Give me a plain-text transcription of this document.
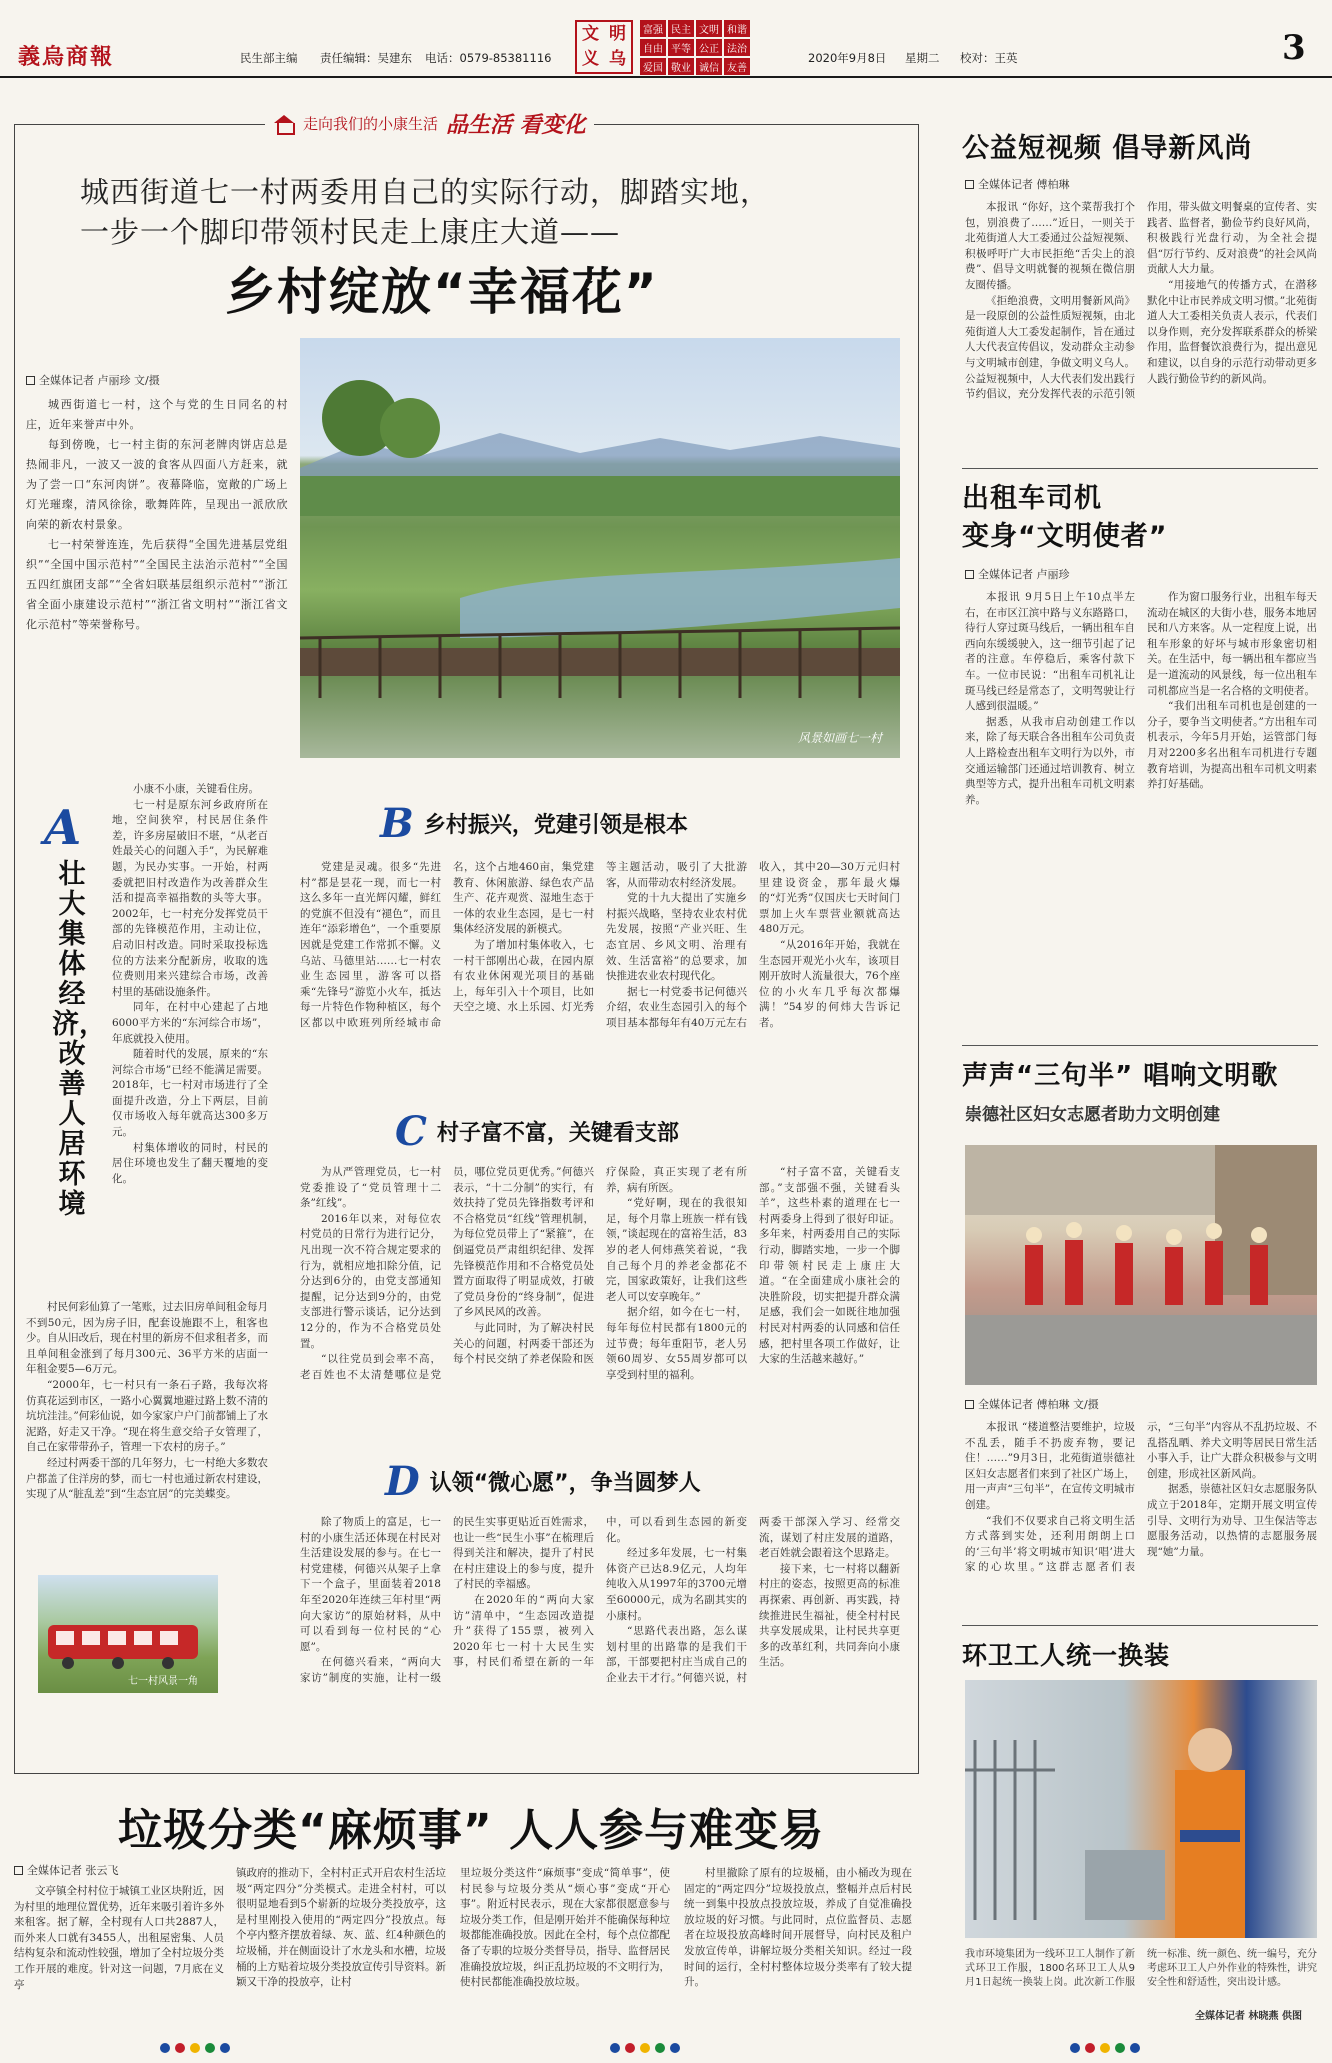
義烏商報	民生部主编 责任编辑：吴建东 电话：0579-85381116
文 明
义 乌
富强 民主 文明 和谐
自由 平等 公正 法治
爱国 敬业 诚信 友善
2020年9月8日 星期二 校对：王英	3
走向我们的小康生活 品生活 看变化
城西街道七一村两委用自己的实际行动，脚踏实地，
一步一个脚印带领村民走上康庄大道——
乡村绽放“幸福花”
全媒体记者 卢丽珍 文/摄

城西街道七一村，这个与党的生日同名的村庄，近年来誉声中外。

每到傍晚，七一村主街的东河老牌肉饼店总是热闹非凡，一波又一波的食客从四面八方赶来，就为了尝一口“东河肉饼”。夜幕降临，宽敞的广场上灯光璀璨，清风徐徐，歌舞阵阵，呈现出一派欣欣向荣的新农村景象。

七一村荣誉连连，先后获得“全国先进基层党组织”“全国中国示范村”“全国民主法治示范村”“全国五四红旗团支部”“全省妇联基层组织示范村”“浙江省全面小康建设示范村”“浙江省文明村”“浙江省文化示范村”等荣誉称号。

风景如画七一村
A
壮大集体经济，改善人居环境

小康不小康，关键看住房。

七一村是原东河乡政府所在地，空间狭窄，村民居住条件差，许多房屋破旧不堪，“从老百姓最关心的问题入手”，为民解难题，为民办实事。一开始，村两委就把旧村改造作为改善群众生活和提高幸福指数的头等大事。2002年，七一村充分发挥党员干部的先锋模范作用，主动让位，启动旧村改造。同时采取投标选位的方法来分配新房，收取的选位费则用来兴建综合市场，改善村里的基础设施条件。

同年，在村中心建起了占地6000平方米的“东河综合市场”，年底就投入使用。

随着时代的发展，原来的“东河综合市场”已经不能满足需要。2018年，七一村对市场进行了全面提升改造，分上下两层，目前仅市场收入每年就高达300多万元。

村集体增收的同时，村民的居住环境也发生了翻天覆地的变化。

村民何彩仙算了一笔账，过去旧房单间租金每月不到50元，因为房子旧，配套设施跟不上，租客也少。自从旧改后，现在村里的新房不但求租者多，而且单间租金涨到了每月300元、36平方米的店面一年租金要5—6万元。

“2000年，七一村只有一条石子路，我每次将仿真花运到市区，一路小心翼翼地避过路上数不清的坑坑洼洼。”何彩仙说，如今家家户户门前都铺上了水泥路，好走又干净。“现在将生意交给子女管理了，自己在家带带孙子，管理一下农村的房子。”

经过村两委干部的几年努力，七一村绝大多数农户都盖了住洋房的梦，而七一村也通过新农村建设，实现了从“脏乱差”到“生态宜居”的完美蝶变。

七一村风景一角
B 乡村振兴，党建引领是根本

党建是灵魂。很多“先进村”都是昙花一现，而七一村这么多年一直光辉闪耀，鲜红的党旗不但没有“褪色”，而且连年“添彩增色”，一个重要原因就是党建工作常抓不懈。义乌站、马德里站……七一村农业生态园里，游客可以搭乘“先锋号”游览小火车，抵达每一片特色作物种植区，每个区都以中欧班列所经城市命名，这个占地460亩，集党建教育、休闲旅游、绿色农产品生产、花卉观赏、湿地生态于一体的农业生态园，是七一村集体经济发展的新模式。

为了增加村集体收入，七一村干部刚出心裁，在园内原有农业休闲观光项目的基础上，每年引入十个项目，比如天空之境、水上乐园、灯光秀等主题活动，吸引了大批游客，从而带动农村经济发展。

党的十九大提出了实施乡村振兴战略，坚持农业农村优先发展，按照“产业兴旺、生态宜居、乡风文明、治理有效、生活富裕”的总要求，加快推进农业农村现代化。

据七一村党委书记何德兴介绍，农业生态园引入的每个项目基本都每年有40万元左右收入，其中20—30万元归村里建设资金，那年最火爆的“灯光秀”仅国庆七天时间门票加上火车票营业额就高达480万元。

“从2016年开始，我就在生态园开观光小火车，该项目刚开放时人流量很大，76个座位的小火车几乎每次都爆满！”54岁的何炜大告诉记者。

C 村子富不富，关键看支部

为从严管理党员，七一村党委推设了“党员管理十二条”红线”。

2016年以来，对每位农村党员的日常行为进行记分，凡出现一次不符合规定要求的行为，就相应地扣除分值，记分达到6分的，由党支部通知提醒，记分达到9分的，由党支部进行警示谈话，记分达到12分的，作为不合格党员处置。

“以往党员到会率不高，老百姓也不太清楚哪位是党员，哪位党员更优秀。”何德兴表示，“十二分制”的实行，有效扶持了党员先锋指数考评和不合格党员“红线”管理机制，为每位党员带上了“紧箍”，在倒逼党员严肃组织纪律、发挥先锋模范作用和不合格党员处置方面取得了明显成效，打破了党员身份的“终身制”，促进了乡风民风的改善。

与此同时，为了解决村民关心的问题，村两委干部还为每个村民交纳了养老保险和医疗保险，真正实现了老有所养，病有所医。

“党好啊，现在的我很知足，每个月靠上班族一样有钱领，”谈起现在的富裕生活，83岁的老人何炜燕笑着说，“我自己每个月的养老金都花不完，国家政策好，让我们这些老人可以安享晚年。”

据介绍，如今在七一村，每年每位村民都有1800元的过节费；每年重阳节，老人另领60周岁、女55周岁都可以享受到村里的福利。

“村子富不富，关键看支部。”支部强不强，关键看头羊”，这些朴素的道理在七一村两委身上得到了很好印证。多年来，村两委用自己的实际行动，脚踏实地，一步一个脚印带领村民走上康庄大道。“在全面建成小康社会的决胜阶段，切实把提升群众满足感，我们会一如既往地加强村民对村两委的认同感和信任感，把村里各项工作做好，让大家的生活越来越好。”

D 认领“微心愿”，争当圆梦人

除了物质上的富足，七一村的小康生活还体现在村民对生活建设发展的参与。在七一村党建楼，何德兴从架子上拿下一个盒子，里面装着2018年至2020年连续三年村里“两向大家访”的原始材料，从中可以看到每一位村民的“心愿”。

在何德兴看来，“两向大家访”制度的实施，让村一级的民生实事更贴近百姓需求，也让一些“民生小事”在梳理后得到关注和解决，提升了村民在村庄建设上的参与度，提升了村民的幸福感。

在2020年的“两向大家访”清单中，“生态园改造提升”获得了155票，被列入2020年七一村十大民生实事，村民们希望在新的一年中，可以看到生态园的新变化。

经过多年发展，七一村集体资产已达8.9亿元，人均年纯收入从1997年的3700元增至60000元，成为名副其实的小康村。

“思路代表出路，怎么谋划村里的出路靠的是我们干部，干部要把村庄当成自己的企业去干才行。”何德兴说，村两委干部深入学习、经常交流，谋划了村庄发展的道路，老百姓就会跟着这个思路走。

接下来，七一村将以翻新村庄的姿态，按照更高的标准再探索、再创新、再实践，持续推进民生福祉，使全村村民共享发展成果，让村民共享更多的改革红利，共同奔向小康生活。

公益短视频 倡导新风尚
全媒体记者 傅柏琳

本报讯 “你好，这个菜帮我打个包，别浪费了……”近日，一则关于北苑街道人大工委通过公益短视频、积极呼吁广大市民拒绝“舌尖上的浪费”、倡导文明就餐的视频在微信朋友圈传播。

《拒绝浪费，文明用餐新风尚》是一段原创的公益性质短视频，由北苑街道人大工委发起制作，旨在通过人大代表宣传倡议，发动群众主动参与文明城市创建，争做文明义乌人。公益短视频中，人大代表们发出践行节约倡议，充分发挥代表的示范引领作用，带头做文明餐桌的宣传者、实践者、监督者，勤俭节约良好风尚，积极践行光盘行动，为全社会提倡“厉行节约、反对浪费”的社会风尚贡献人大力量。

“用接地气的传播方式，在潜移默化中让市民养成文明习惯。”北苑街道人大工委相关负责人表示，代表们以身作则，充分发挥联系群众的桥梁作用，监督餐饮浪费行为，提出意见和建议，以自身的示范行动带动更多人践行勤俭节约的新风尚。

出租车司机
变身“文明使者”
全媒体记者 卢丽珍

本报讯 9月5日上午10点半左右，在市区江滨中路与义东路路口，待行人穿过斑马线后，一辆出租车自西向东缓缓驶入，这一细节引起了记者的注意。车停稳后，乘客付款下车。一位市民说：“出租车司机礼让斑马线已经是常态了，文明驾驶让行人感到很温暖。”

据悉，从我市启动创建工作以来，除了每天联合各出租车公司负责人上路检查出租车文明行为以外，市交通运输部门还通过培训教育、树立典型等方式，提升出租车司机文明素养。

作为窗口服务行业，出租车每天流动在城区的大街小巷，服务本地居民和八方来客。从一定程度上说，出租车形象的好坏与城市形象密切相关。在生活中，每一辆出租车都应当是一道流动的风景线，每一位出租车司机都应当是一名合格的文明使者。

“我们出租车司机也是创建的一分子，要争当文明使者。”方出租车司机表示，今年5月开始，运管部门每月对2200多名出租车司机进行专题教育培训，为提高出租车司机文明素养打好基础。

声声“三句半” 唱响文明歌
崇德社区妇女志愿者助力文明创建
全媒体记者 傅柏琳 文/摄

本报讯 “楼道整洁要维护，垃圾不乱丢，随手不扔废弃物，要记住！……”9月3日，北苑街道崇德社区妇女志愿者们来到了社区广场上，用一声声“三句半”，在宣传文明城市创建。

“我们不仅要求自己将文明生活方式落到实处，还利用朗朗上口的‘三句半’将文明城市知识‘唱’进大家的心坎里。”这群志愿者们表示，“三句半”内容从不乱扔垃圾、不乱搭乱晒、养犬文明等居民日常生活小事入手，让广大群众积极参与文明创建，形成社区新风尚。

据悉，崇德社区妇女志愿服务队成立于2018年，定期开展文明宣传引导、文明行为劝导、卫生保洁等志愿服务活动，以热情的志愿服务展现“她”力量。

环卫工人统一换装
我市环境集团为一线环卫工人制作了新式环卫工作服，1800名环卫工人从9月1日起统一换装上岗。此次新工作服统一标准、统一颜色、统一编号，充分考虑环卫工人户外作业的特殊性，讲究安全性和舒适性，突出设计感。
全媒体记者 林晓燕 供图
垃圾分类“麻烦事” 人人参与难变易
全媒体记者 张云飞

文亭镇全村村位于城镇工业区块附近，因为村里的地理位置优势，近年来吸引着许多外来租客。据了解，全村现有人口共2887人，而外来人口就有3455人，出租屋密集、人员结构复杂和流动性较强，增加了全村垃圾分类工作开展的难度。针对这一问题，7月底在义亭

镇政府的推动下，全村村正式开启农村生活垃圾“两定四分”分类模式。走进全村村，可以很明显地看到5个崭新的垃圾分类投放亭，这是村里刚投入使用的“两定四分”投放点。每个亭内整齐摆放着绿、灰、蓝、红4种颜色的垃圾桶，并在侧面设计了水龙头和水槽，垃圾桶的上方贴着垃圾分类投放宣传引导资料。新颖又干净的投放亭，让村

里垃圾分类这件“麻烦事”变成“简单事”，使村民参与垃圾分类从“烦心事”变成“开心事”。附近村民表示，现在大家都很愿意参与垃圾分类工作，但是刚开始并不能确保每种垃圾都能准确投放。因此在全村，每个点位都配备了专职的垃圾分类督导员，指导、监督居民准确投放垃圾，纠正乱扔垃圾的不文明行为，使村民都能准确投放垃圾。

村里撤除了原有的垃圾桶，由小桶改为现在固定的“两定四分”垃圾投放点，整幅并点后村民统一到集中投放点投放垃圾，养成了自觉准确投放垃圾的好习惯。与此同时，点位监督员、志愿者在垃圾投放高峰时间开展督导，向村民及租户发放宣传单，讲解垃圾分类相关知识。经过一段时间的运行，全村村整体垃圾分类率有了较大提升。
